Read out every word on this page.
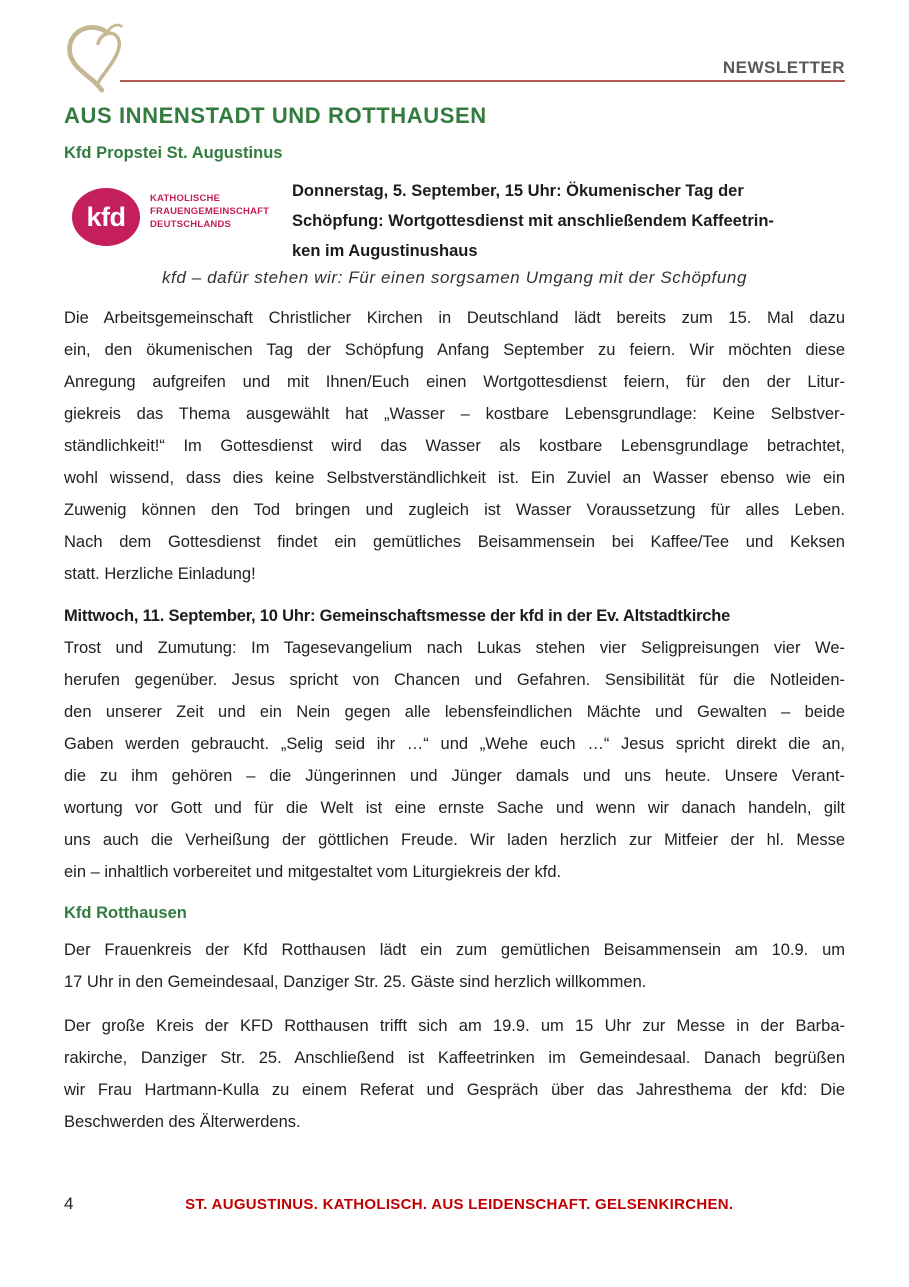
NEWSLETTER
AUS INNENSTADT UND ROTTHAUSEN
Kfd Propstei St. Augustinus
kfd
KATHOLISCHE
FRAUENGEMEINSCHAFT
DEUTSCHLANDS
Donnerstag, 5. September, 15 Uhr: Ökumenischer Tag der
Schöpfung: Wortgottesdienst mit anschließendem Kaffeetrin-
ken im Augustinushaus
kfd – dafür stehen wir: Für einen sorgsamen Umgang mit der Schöpfung
Die Arbeitsgemeinschaft Christlicher Kirchen in Deutschland lädt bereits zum 15. Mal dazu
ein, den ökumenischen Tag der Schöpfung Anfang September zu feiern. Wir möchten diese
Anregung aufgreifen und mit Ihnen/Euch einen Wortgottesdienst feiern, für den der Litur-
giekreis das Thema ausgewählt hat „Wasser – kostbare Lebensgrundlage: Keine Selbstver-
ständlichkeit!“ Im Gottesdienst wird das Wasser als kostbare Lebensgrundlage betrachtet,
wohl wissend, dass dies keine Selbstverständlichkeit ist. Ein Zuviel an Wasser ebenso wie ein
Zuwenig können den Tod bringen und zugleich ist Wasser Voraussetzung für alles Leben.
Nach dem Gottesdienst findet ein gemütliches Beisammensein bei Kaffee/Tee und Keksen
statt. Herzliche Einladung!
Mittwoch, 11. September, 10 Uhr: Gemeinschaftsmesse der kfd in der Ev. Altstadtkirche
Trost und Zumutung: Im Tagesevangelium nach Lukas stehen vier Seligpreisungen vier We-
herufen gegenüber. Jesus spricht von Chancen und Gefahren. Sensibilität für die Notleiden-
den unserer Zeit und ein Nein gegen alle lebensfeindlichen Mächte und Gewalten – beide
Gaben werden gebraucht. „Selig seid ihr …“ und „Wehe euch …“ Jesus spricht direkt die an,
die zu ihm gehören – die Jüngerinnen und Jünger damals und uns heute. Unsere Verant-
wortung vor Gott und für die Welt ist eine ernste Sache und wenn wir danach handeln, gilt
uns auch die Verheißung der göttlichen Freude. Wir laden herzlich zur Mitfeier der hl. Messe
ein – inhaltlich vorbereitet und mitgestaltet vom Liturgiekreis der kfd.
Kfd Rotthausen
Der Frauenkreis der Kfd Rotthausen lädt ein zum gemütlichen Beisammensein am 10.9. um
17 Uhr in den Gemeindesaal, Danziger Str. 25. Gäste sind herzlich willkommen.
Der große Kreis der KFD Rotthausen trifft sich am 19.9. um 15 Uhr zur Messe in der Barba-
rakirche, Danziger Str. 25. Anschließend ist Kaffeetrinken im Gemeindesaal. Danach begrüßen
wir Frau Hartmann-Kulla zu einem Referat und Gespräch über das Jahresthema der kfd: Die
Beschwerden des Älterwerdens.
4	ST. AUGUSTINUS. KATHOLISCH. AUS LEIDENSCHAFT. GELSENKIRCHEN.
